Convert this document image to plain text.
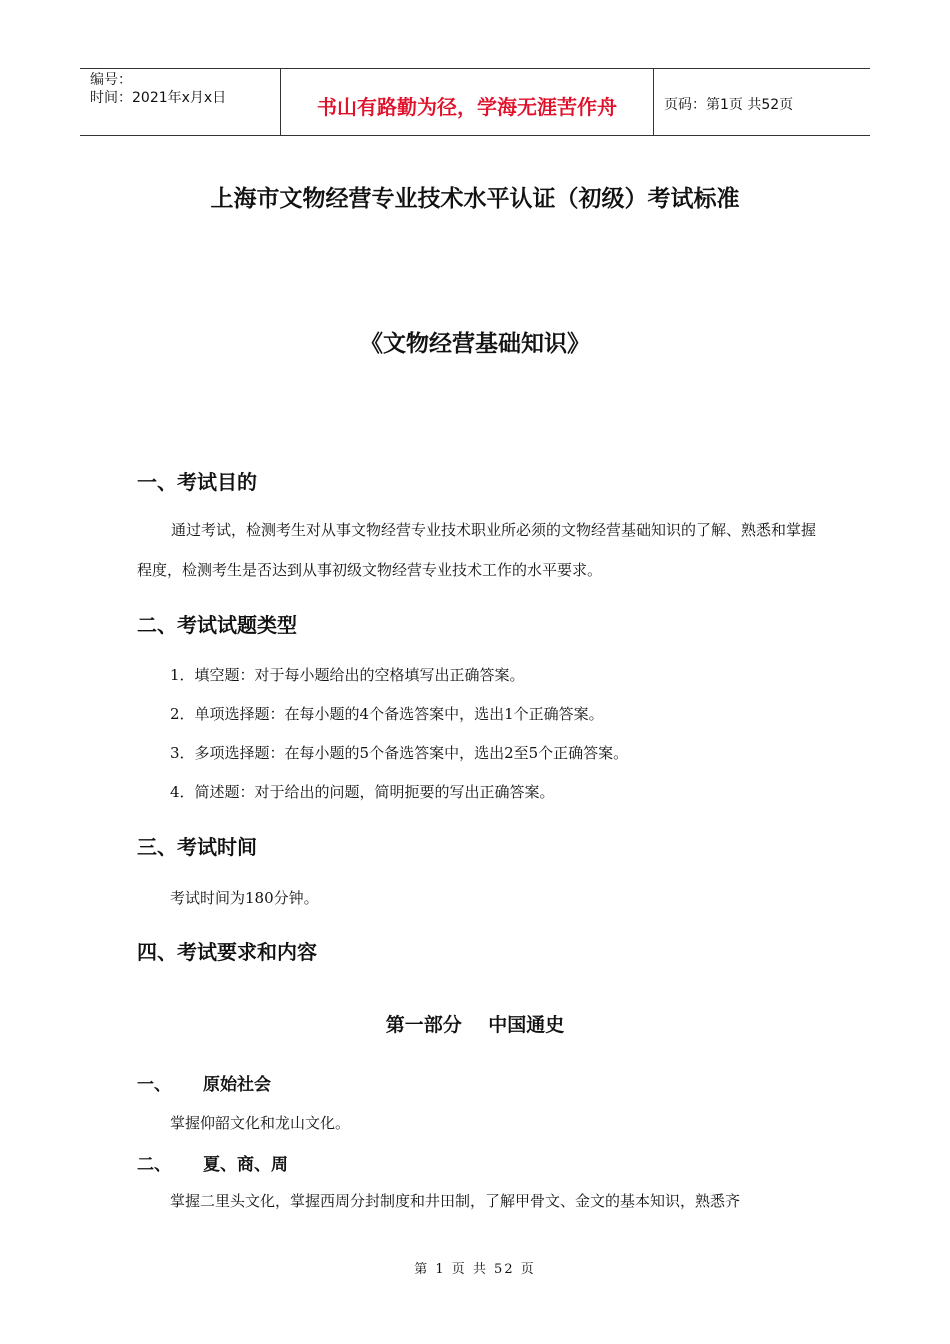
编号：
时间：2021年x月x日	书山有路勤为径，学海无涯苦作舟	页码：第1页 共52页
上海市文物经营专业技术水平认证（初级）考试标准
《文物经营基础知识》
一、考试目的

通过考试，检测考生对从事文物经营专业技术职业所必须的文物经营基础知识的了解、熟悉和掌握程度，检测考生是否达到从事初级文物经营专业技术工作的水平要求。

二、考试试题类型
1．填空题：对于每小题给出的空格填写出正确答案。
2．单项选择题：在每小题的4个备选答案中，选出1个正确答案。
3．多项选择题：在每小题的5个备选答案中，选出2至5个正确答案。
4．简述题：对于给出的问题，简明扼要的写出正确答案。
三、考试时间
考试时间为180分钟。
四、考试要求和内容
第一部分    中国通史
一、 原始社会
掌握仰韶文化和龙山文化。
二、 夏、商、周
掌握二里头文化，掌握西周分封制度和井田制，了解甲骨文、金文的基本知识，熟悉齐
第 1 页 共 52 页
